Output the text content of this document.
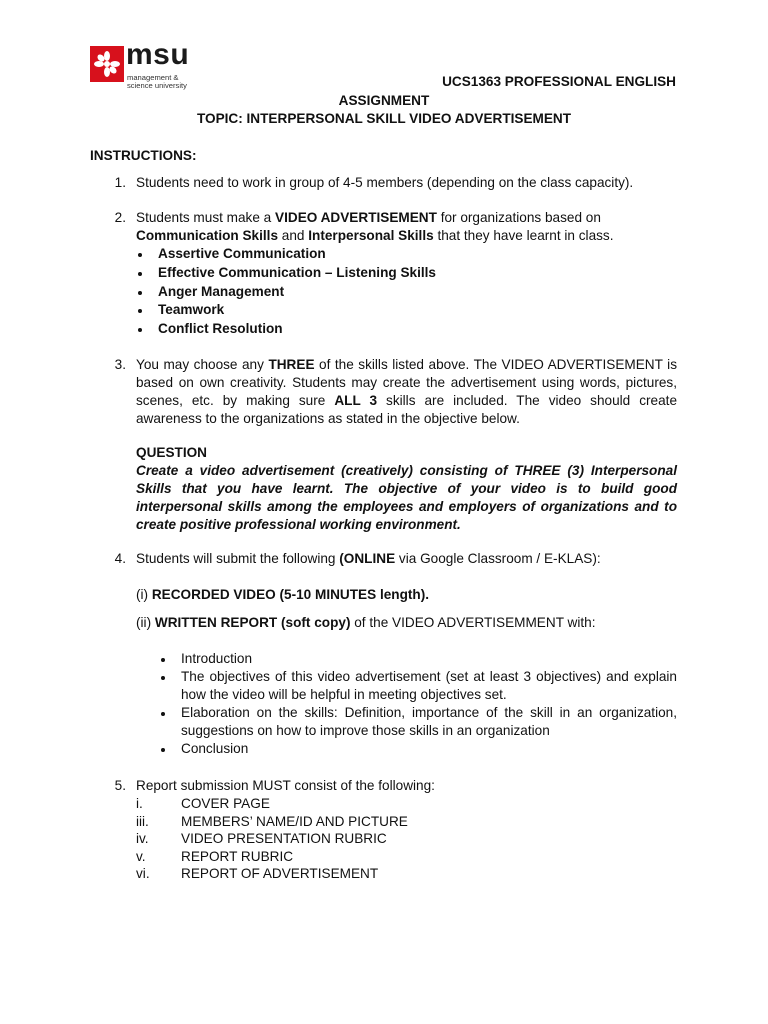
msu
management &
science university	UCS1363 PROFESSIONAL ENGLISH
ASSIGNMENT
TOPIC: INTERPERSONAL SKILL VIDEO ADVERTISEMENT
INSTRUCTIONS:
1. Students need to work in group of 4-5 members (depending on the class capacity).
2. Students must make a VIDEO ADVERTISEMENT for organizations based on
Communication Skills and Interpersonal Skills that they have learnt in class.
Assertive Communication
Effective Communication – Listening Skills
Anger Management
Teamwork
Conflict Resolution
3. You may choose any THREE of the skills listed above. The VIDEO ADVERTISEMENT is based on own creativity. Students may create the advertisement using words, pictures, scenes, etc. by making sure ALL 3 skills are included. The video should create awareness to the organizations as stated in the objective below.
QUESTION
Create a video advertisement (creatively) consisting of THREE (3) Interpersonal Skills that you have learnt. The objective of your video is to build good interpersonal skills among the employees and employers of organizations and to create positive professional working environment.
4. Students will submit the following (ONLINE via Google Classroom / E-KLAS):
(i) RECORDED VIDEO (5-10 MINUTES length).
(ii) WRITTEN REPORT (soft copy) of the VIDEO ADVERTISEMMENT with:
Introduction
The objectives of this video advertisement (set at least 3 objectives) and explain how the video will be helpful in meeting objectives set.
Elaboration on the skills: Definition, importance of the skill in an organization, suggestions on how to improve those skills in an organization
Conclusion
5. Report submission MUST consist of the following:
i.	COVER PAGE
iii.	MEMBERS’ NAME/ID AND PICTURE
iv.	VIDEO PRESENTATION RUBRIC
v.	REPORT RUBRIC
vi.	REPORT OF ADVERTISEMENT
